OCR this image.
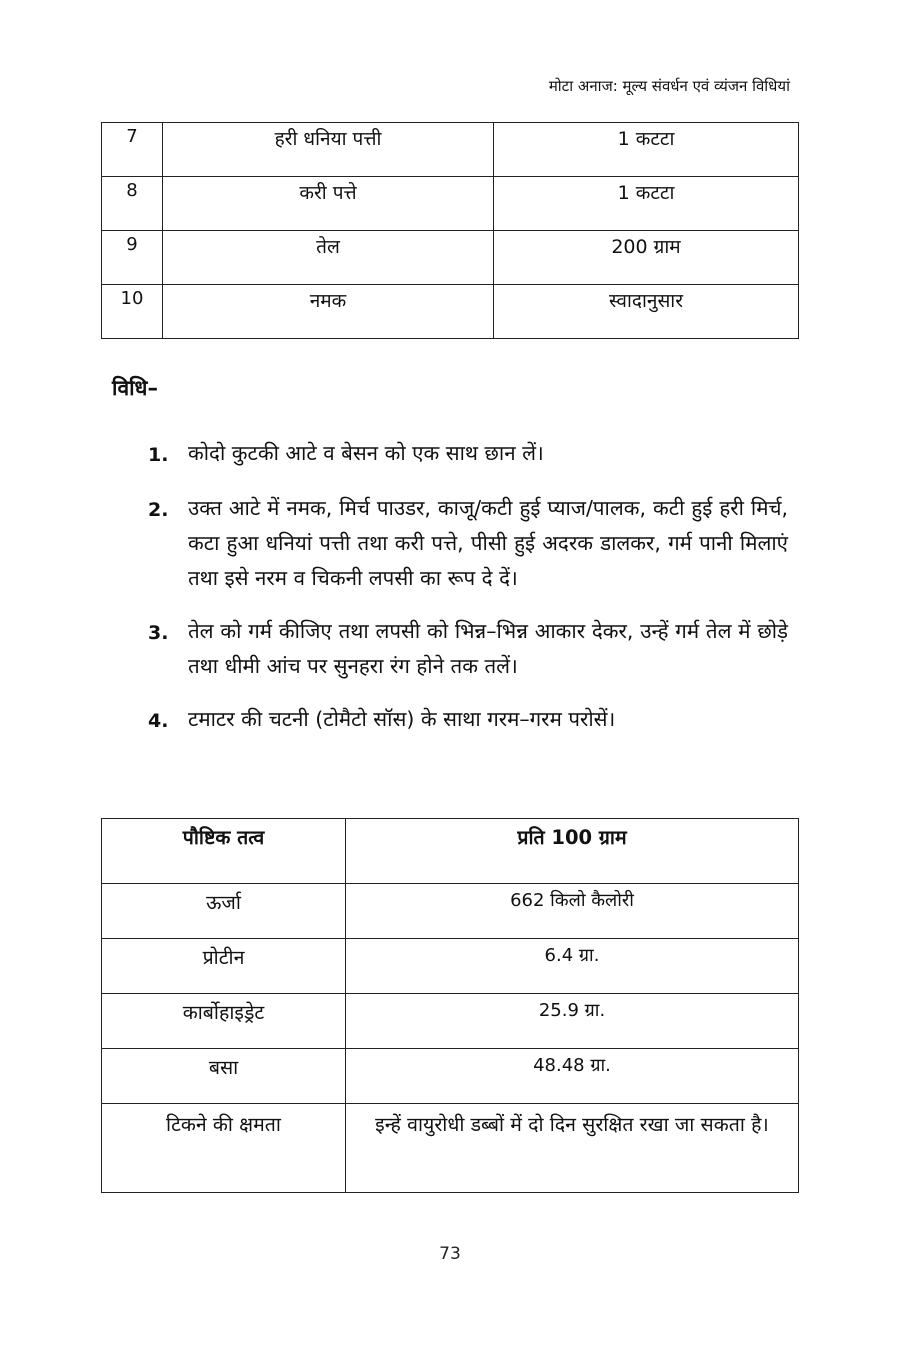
मोटा अनाज: मूल्य संवर्धन एवं व्यंजन विधियां
7	हरी धनिया पत्ती	1 कटटा
8	करी पत्ते	1 कटटा
9	तेल	200 ग्राम
10	नमक	स्वादानुसार
विधि–
1. कोदो कुटकी आटे व बेसन को एक साथ छान लें।
2. उक्त आटे में नमक, मिर्च पाउडर, काजू/कटी हुई प्याज/पालक, कटी हुई हरी मिर्च, कटा हुआ धनियां पत्ती तथा करी पत्ते, पीसी हुई अदरक डालकर, गर्म पानी मिलाएं तथा इसे नरम व चिकनी लपसी का रूप दे दें।
3. तेल को गर्म कीजिए तथा लपसी को भिन्न–भिन्न आकार देकर, उन्हें गर्म तेल में छोड़े तथा धीमी आंच पर सुनहरा रंग होने तक तलें।
4. टमाटर की चटनी (टोमैटो सॉस) के साथा गरम–गरम परोसें।
पौष्टिक तत्व	प्रति 100 ग्राम
ऊर्जा	662 किलो कैलोरी
प्रोटीन	6.4 ग्रा.
कार्बोहाइड्रेट	25.9 ग्रा.
बसा	48.48 ग्रा.
टिकने की क्षमता	इन्हें वायुरोधी डब्बों में दो दिन सुरक्षित रखा जा सकता है।
73
